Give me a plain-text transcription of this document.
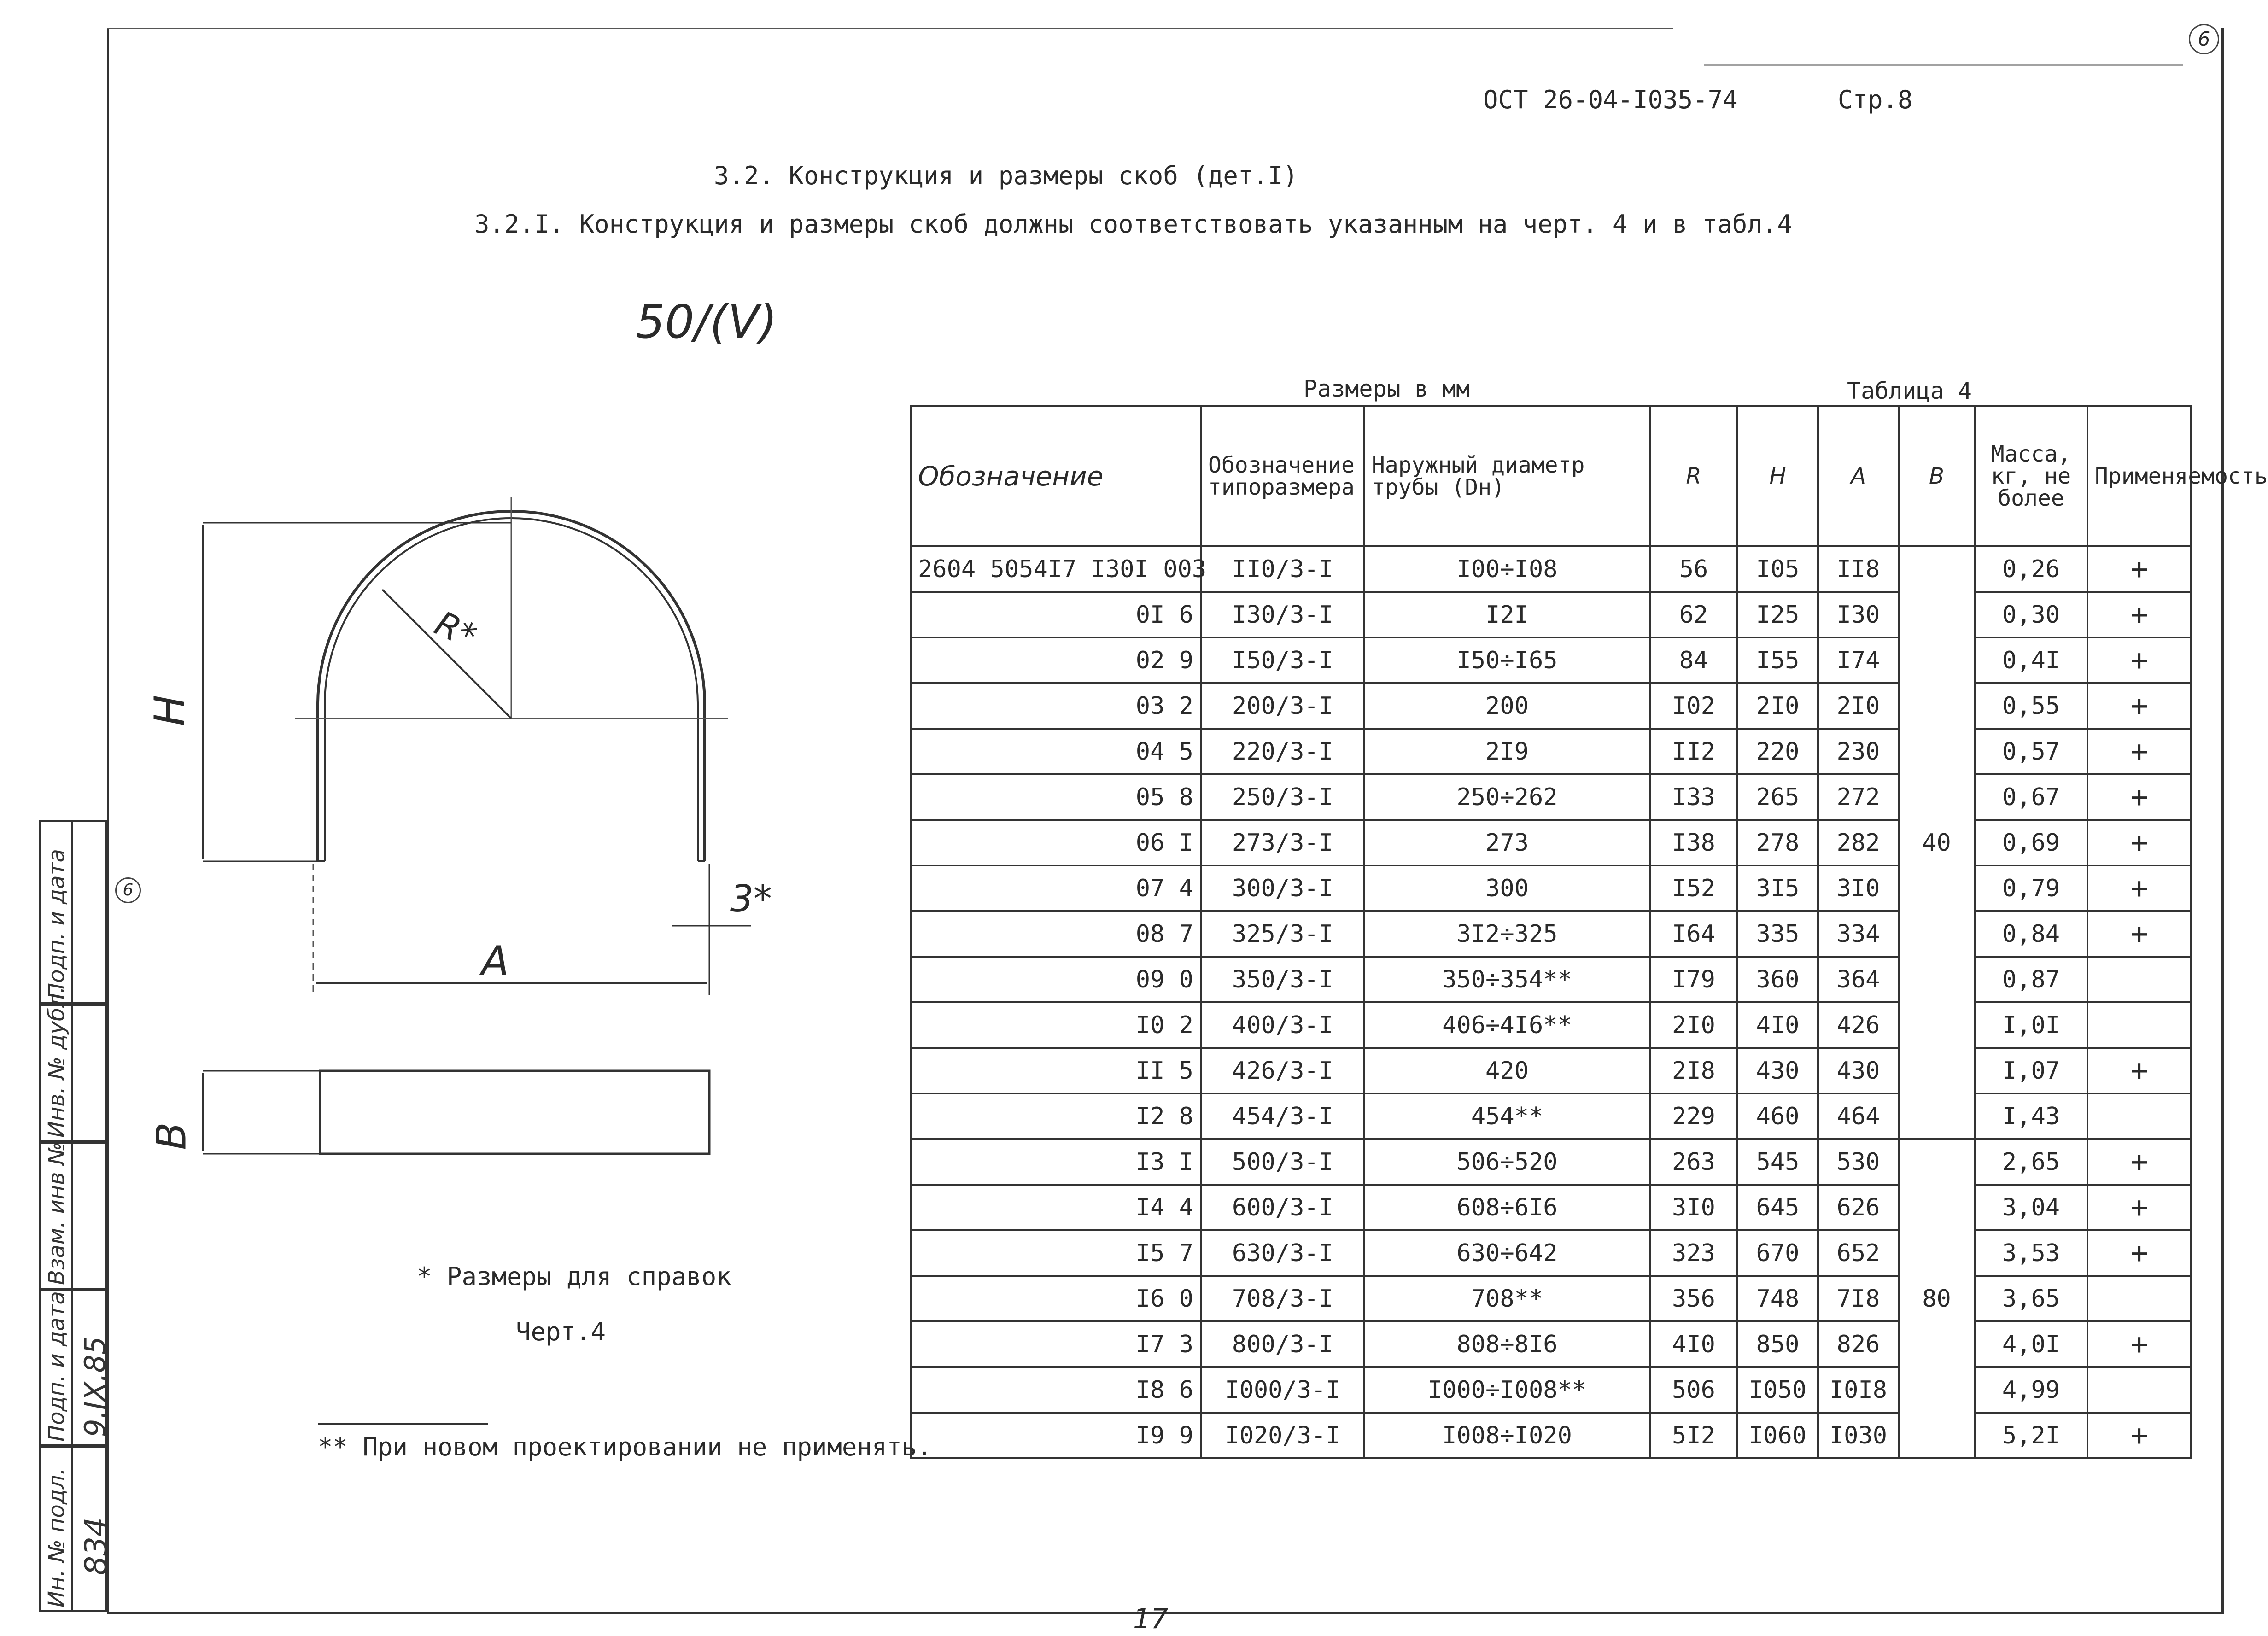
6
ОСТ 26-04-I035-74	Стр.8
3.2. Конструкция и размеры скоб (дет.I)
3.2.I. Конструкция и размеры скоб должны соответствовать указанным на черт. 4 и в табл.4
50/(V)
H
R*
A
3*
B
* Размеры для справок
Черт.4
** При новом проектировании не применять.
17
Подп. и дата
Инв. № дубл.
Взам. инв №
Подп. и дата
Ин. № подл.
9.IX.85
834
6
Размеры в мм	Таблица 4
Обозначение	Обозначение типоразмера	Наружный диаметр трубы (Dн)	R	H	A	B	Масса, кг, не более	Применяемость
2604 5054I7 I30I 003	II0/3-I	I00÷I08	56	I05	II8	40	0,26	+
0I 6	I30/3-I	I2I	62	I25	I30		0,30	+
02 9	I50/3-I	I50÷I65	84	I55	I74		0,4I	+
03 2	200/3-I	200	I02	2I0	2I0		0,55	+
04 5	220/3-I	2I9	II2	220	230		0,57	+
05 8	250/3-I	250÷262	I33	265	272		0,67	+
06 I	273/3-I	273	I38	278	282		0,69	+
07 4	300/3-I	300	I52	3I5	3I0		0,79	+
08 7	325/3-I	3I2÷325	I64	335	334		0,84	+
09 0	350/3-I	350÷354**	I79	360	364		0,87	
I0 2	400/3-I	406÷4I6**	2I0	4I0	426		I,0I	
II 5	426/3-I	420	2I8	430	430		I,07	+
I2 8	454/3-I	454**	229	460	464		I,43	
I3 I	500/3-I	506÷520	263	545	530	80	2,65	+
I4 4	600/3-I	608÷6I6	3I0	645	626		3,04	+
I5 7	630/3-I	630÷642	323	670	652		3,53	+
I6 0	708/3-I	708**	356	748	7I8		3,65	
I7 3	800/3-I	808÷8I6	4I0	850	826		4,0I	+
I8 6	I000/3-I	I000÷I008**	506	I050	I0I8		4,99	
I9 9	I020/3-I	I008÷I020	5I2	I060	I030		5,2I	+
